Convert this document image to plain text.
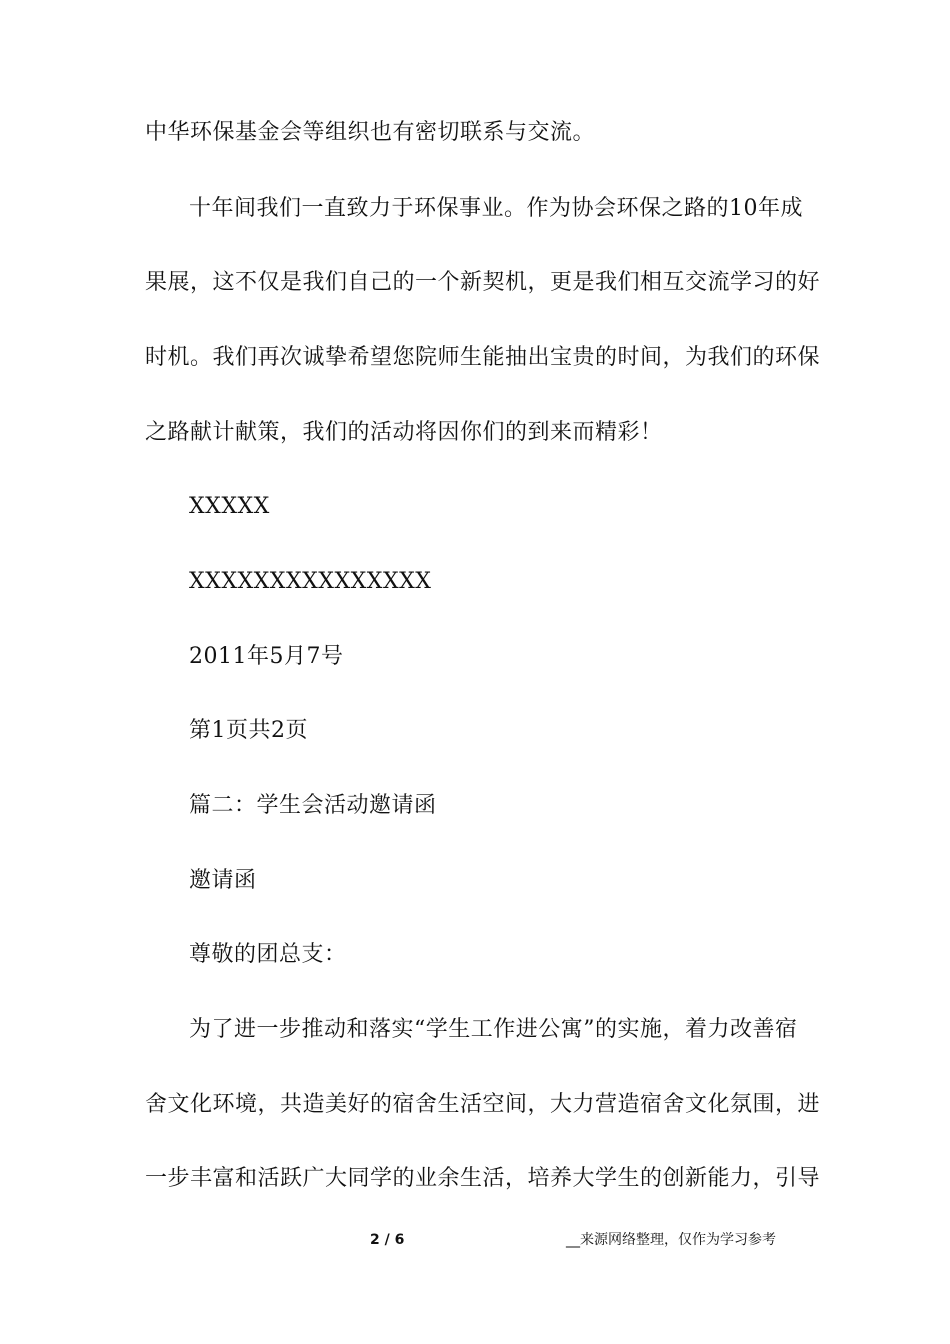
中华环保基金会等组织也有密切联系与交流。
十年间我们一直致力于环保事业。作为协会环保之路的10年成
果展，这不仅是我们自己的一个新契机，更是我们相互交流学习的好
时机。我们再次诚挚希望您院师生能抽出宝贵的时间，为我们的环保
之路献计献策，我们的活动将因你们的到来而精彩！
XXXXX
XXXXXXXXXXXXXXX
2011年5月7号
第1页共2页
篇二：学生会活动邀请函
邀请函
尊敬的团总支：
为了进一步推动和落实“学生工作进公寓”的实施，着力改善宿
舍文化环境，共造美好的宿舍生活空间，大力营造宿舍文化氛围，进
一步丰富和活跃广大同学的业余生活，培养大学生的创新能力，引导
2 / 6	__来源网络整理，仅作为学习参考
